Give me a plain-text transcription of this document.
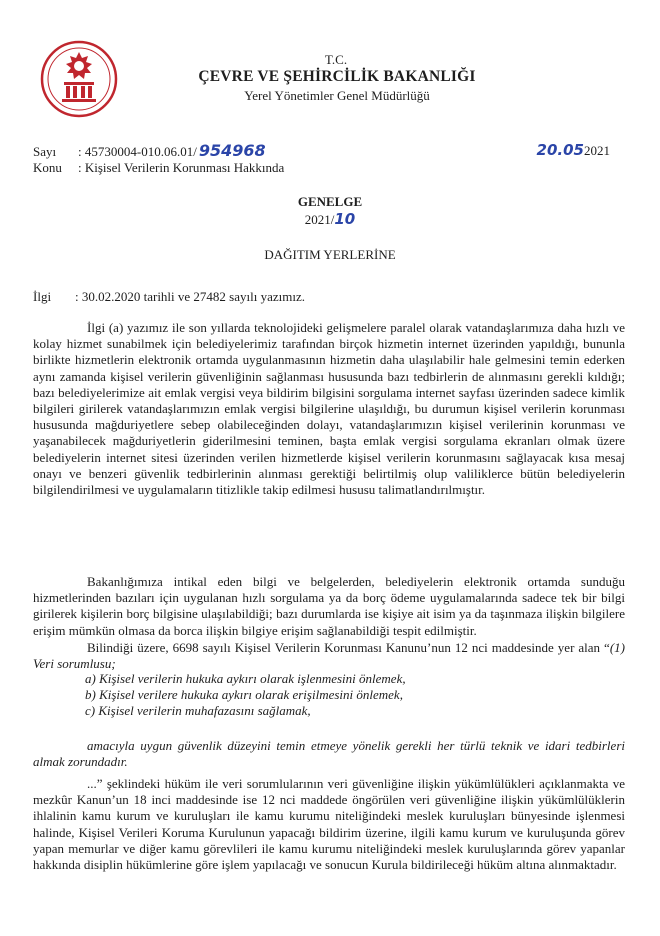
T.C.
ÇEVRE VE ŞEHİRCİLİK BAKANLIĞI
Yerel Yönetimler Genel Müdürlüğü
Sayı : 45730004-010.06.01/ 954968	20.052021
Konu : Kişisel Verilerin Korunması Hakkında
GENELGE
2021/10
DAĞITIM YERLERİNE
İlgi : 30.02.2020 tarihli ve 27482 sayılı yazımız.

İlgi (a) yazımız ile son yıllarda teknolojideki gelişmelere paralel olarak vatandaşlarımıza daha hızlı ve kolay hizmet sunabilmek için belediyelerimiz tarafından birçok hizmetin internet üzerinden yapıldığı, bununla birlikte hizmetlerin elektronik ortamda uygulanmasının hizmetin daha ulaşılabilir hale gelmesini temin ederken aynı zamanda kişisel verilerin güvenliğinin sağlanması hususunda bazı tedbirlerin de alınmasını gerekli kıldığı; bazı belediyelerimize ait emlak vergisi veya bildirim bilgisini sorgulama internet sayfası üzerinden sadece kimlik bilgileri girilerek vatandaşlarımızın emlak vergisi bilgilerine ulaşıldığı, bu durumun kişisel verilerin korunması hususunda mağduriyetlere sebep olabileceğinden dolayı, vatandaşlarımızın kişisel verilerinin korunması ve yaşanabilecek mağduriyetlerin giderilmesini teminen, başta emlak vergisi sorgulama ekranları olmak üzere belediyelerin internet sitesi üzerinden verilen hizmetlerde kişisel verilerin korunmasını sağlayacak kısa mesaj onayı ve benzeri güvenlik tedbirlerinin alınması gerektiği belirtilmiş olup valiliklerce bütün belediyelerin bilgilendirilmesi ve uygulamaların titizlikle takip edilmesi hususu talimatlandırılmıştır.

Bakanlığımıza intikal eden bilgi ve belgelerden, belediyelerin elektronik ortamda sunduğu hizmetlerinden bazıları için uygulanan hızlı sorgulama ya da borç ödeme uygulamalarında sadece tek bir bilgi girilerek kişilerin borç bilgisine ulaşılabildiği; bazı durumlarda ise kişiye ait isim ya da taşınmaza ilişkin bilgilere erişim mümkün olmasa da borca ilişkin bilgiye erişim sağlanabildiği tespit edilmiştir.

Bilindiği üzere, 6698 sayılı Kişisel Verilerin Korunması Kanunu’nun 12 nci maddesinde yer alan “(1) Veri sorumlusu;

a) Kişisel verilerin hukuka aykırı olarak işlenmesini önlemek,
b) Kişisel verilere hukuka aykırı olarak erişilmesini önlemek,
c) Kişisel verilerin muhafazasını sağlamak,
amacıyla uygun güvenlik düzeyini temin etmeye yönelik gerekli her türlü teknik ve idari tedbirleri almak zorundadır.

...” şeklindeki hüküm ile veri sorumlularının veri güvenliğine ilişkin yükümlülükleri açıklanmakta ve mezkûr Kanun’un 18 inci maddesinde ise 12 nci maddede öngörülen veri güvenliğine ilişkin yükümlülüklerin ihlalinin kamu kurum ve kuruluşları ile kamu kurumu niteliğindeki meslek kuruluşları bünyesinde işlenmesi halinde, Kişisel Verileri Koruma Kurulunun yapacağı bildirim üzerine, ilgili kamu kurum ve kuruluşunda görev yapan memurlar ve diğer kamu görevlileri ile kamu kurumu niteliğindeki meslek kuruluşlarında görev yapanlar hakkında disiplin hükümlerine göre işlem yapılacağı ve sonucun Kurula bildirileceği hüküm altına alınmaktadır.
